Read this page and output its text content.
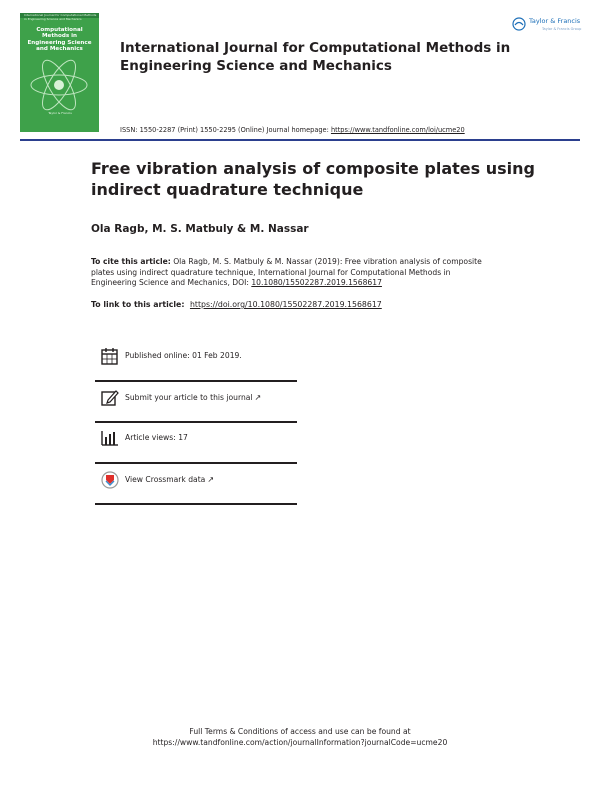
International Journal for Computational Methods in Engineering Science and Mechanics
Computational Methods in Engineering Science and Mechanics
Taylor & Francis
Taylor & Francis
Taylor & Francis Group
International Journal for Computational Methods in Engineering Science and Mechanics
ISSN: 1550-2287 (Print) 1550-2295 (Online) Journal homepage: https://www.tandfonline.com/loi/ucme20
Free vibration analysis of composite plates using indirect quadrature technique
Ola Ragb, M. S. Matbuly & M. Nassar
To cite this article: Ola Ragb, M. S. Matbuly & M. Nassar (2019): Free vibration analysis of composite plates using indirect quadrature technique, International Journal for Computational Methods in Engineering Science and Mechanics, DOI: 10.1080/15502287.2019.1568617
To link to this article: https://doi.org/10.1080/15502287.2019.1568617
Published online: 01 Feb 2019.
Submit your article to this journal ↗
Article views: 17
View Crossmark data ↗
Full Terms & Conditions of access and use can be found at
https://www.tandfonline.com/action/journalInformation?journalCode=ucme20
